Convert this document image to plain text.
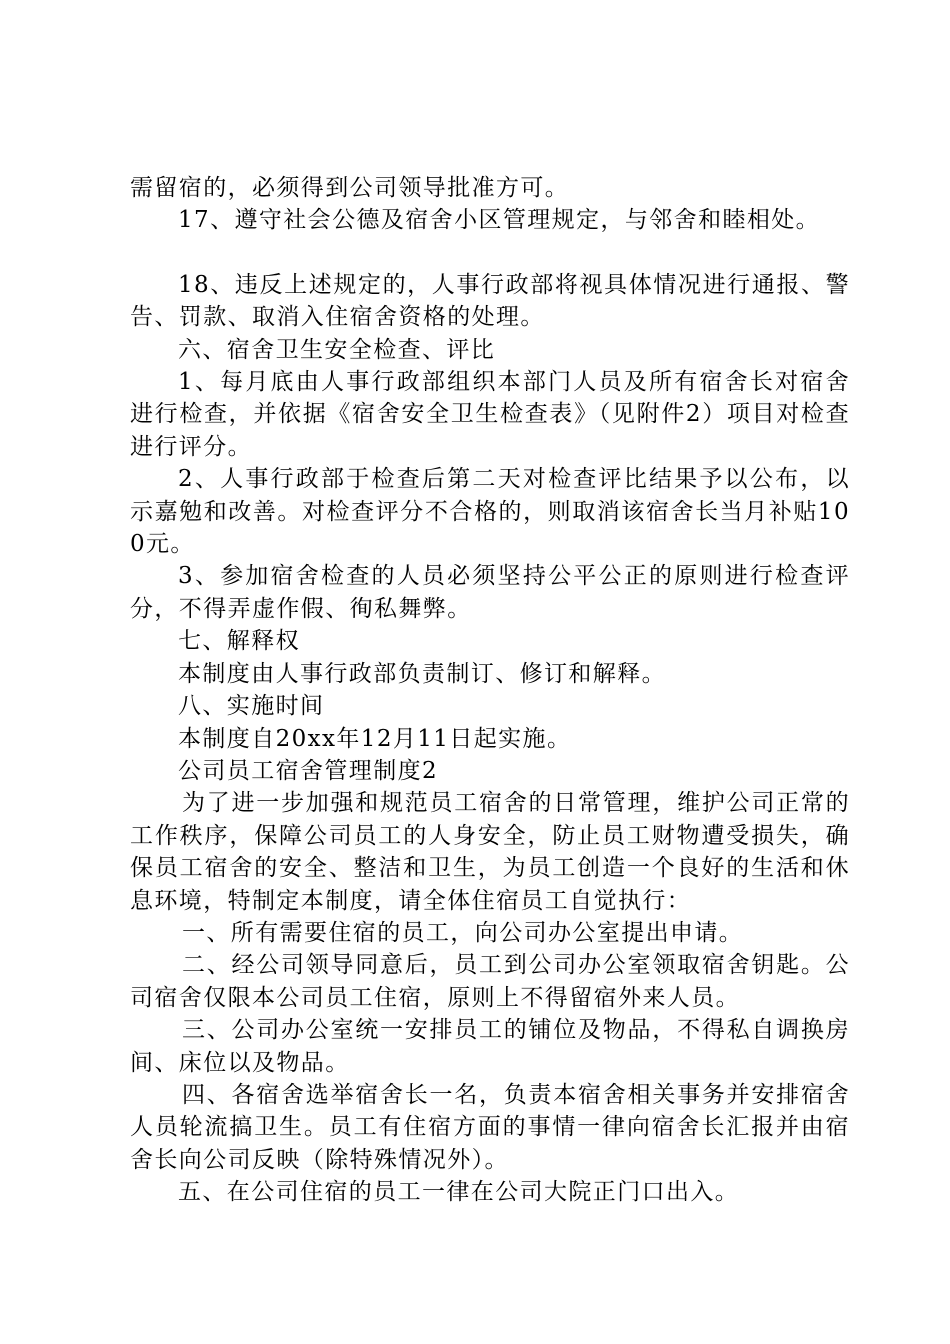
需留宿的，必须得到公司领导批准方可。

17、遵守社会公德及宿舍小区管理规定，与邻舍和睦相处。

18、违反上述规定的，人事行政部将视具体情况进行通报、警告、罚款、取消入住宿舍资格的处理。

六、宿舍卫生安全检查、评比

1、每月底由人事行政部组织本部门人员及所有宿舍长对宿舍进行检查，并依据《宿舍安全卫生检查表》（见附件2）项目对检查进行评分。

2、人事行政部于检查后第二天对检查评比结果予以公布，以示嘉勉和改善。对检查评分不合格的，则取消该宿舍长当月补贴100元。

3、参加宿舍检查的人员必须坚持公平公正的原则进行检查评分，不得弄虚作假、徇私舞弊。

七、解释权

本制度由人事行政部负责制订、修订和解释。

八、实施时间

本制度自20xx年12月11日起实施。

公司员工宿舍管理制度2

为了进一步加强和规范员工宿舍的日常管理，维护公司正常的工作秩序，保障公司员工的人身安全，防止员工财物遭受损失，确保员工宿舍的安全、整洁和卫生，为员工创造一个良好的生活和休息环境，特制定本制度，请全体住宿员工自觉执行：

一、所有需要住宿的员工，向公司办公室提出申请。

二、经公司领导同意后，员工到公司办公室领取宿舍钥匙。公司宿舍仅限本公司员工住宿，原则上不得留宿外来人员。

三、公司办公室统一安排员工的铺位及物品，不得私自调换房间、床位以及物品。

四、各宿舍选举宿舍长一名，负责本宿舍相关事务并安排宿舍人员轮流搞卫生。员工有住宿方面的事情一律向宿舍长汇报并由宿舍长向公司反映（除特殊情况外）。

五、在公司住宿的员工一律在公司大院正门口出入。
